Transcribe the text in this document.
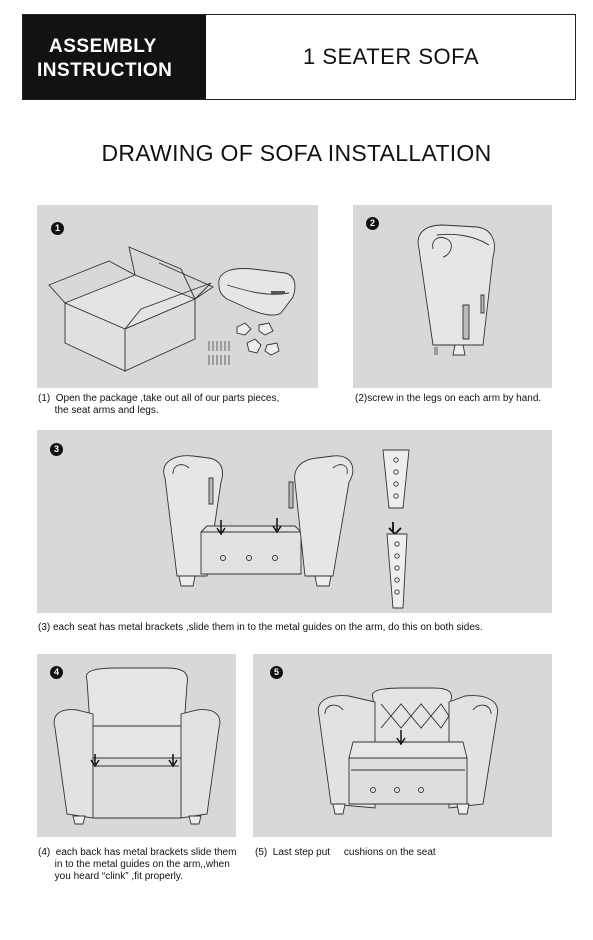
ASSEMBLY
INSTRUCTION
1 SEATER SOFA
DRAWING OF SOFA INSTALLATION
1
(1)  Open the package ,take out all of our parts pieces,
the seat arms and legs.
2
(2)screw in the legs on each arm by hand.
3
(3) each seat has metal brackets ,slide them in to the metal guides on the arm, do this on both sides.
4
(4)  each back has metal brackets slide them
in to the metal guides on the arm,,when
you heard “clink” ,fit properly.
5
(5)  Last step put     cushions on the seat
